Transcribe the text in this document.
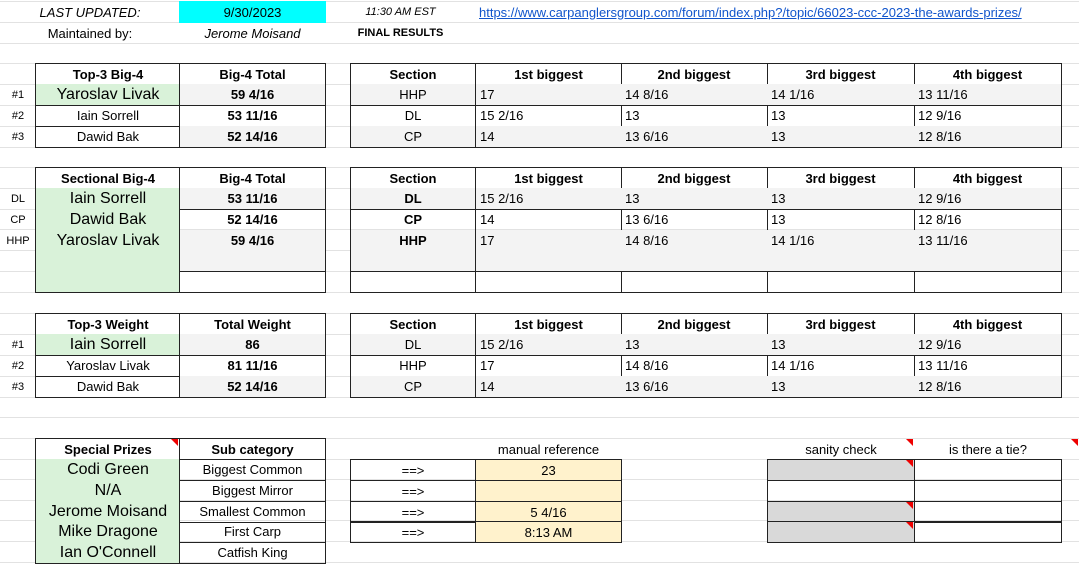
LAST UPDATED:	9/30/2023	11:30 AM EST	https://www.carpanglersgroup.com/forum/index.php?/topic/66023-ccc-2023-the-awards-prizes/
Maintained by:	Jerome Moisand	FINAL RESULTS
Top-3 Big-4	Big-4 Total	Section	1st biggest	2nd biggest	3rd biggest	4th biggest
#1	Yaroslav Livak	59 4/16	HHP	17	14 8/16	14 1/16	13 11/16
#2	Iain Sorrell	53 11/16	DL	15 2/16	13	13	12 9/16
#3	Dawid Bak	52 14/16	CP	14	13 6/16	13	12 8/16
Sectional Big-4	Big-4 Total	Section	1st biggest	2nd biggest	3rd biggest	4th biggest
DL	Iain Sorrell	53 11/16	DL	15 2/16	13	13	12 9/16
CP	Dawid Bak	52 14/16	CP	14	13 6/16	13	12 8/16
HHP	Yaroslav Livak	59 4/16	HHP	17	14 8/16	14 1/16	13 11/16
Top-3 Weight	Total Weight	Section	1st biggest	2nd biggest	3rd biggest	4th biggest
#1	Iain Sorrell	86	DL	15 2/16	13	13	12 9/16
#2	Yaroslav Livak	81 11/16	HHP	17	14 8/16	14 1/16	13 11/16
#3	Dawid Bak	52 14/16	CP	14	13 6/16	13	12 8/16
Special Prizes	Sub category	manual reference	sanity check	is there a tie?
Codi Green	Biggest Common	==>	23
N/A	Biggest Mirror	==>
Jerome Moisand	Smallest Common	==>	5 4/16
Mike Dragone	First Carp	==>	8:13 AM
Ian O'Connell	Catfish King
